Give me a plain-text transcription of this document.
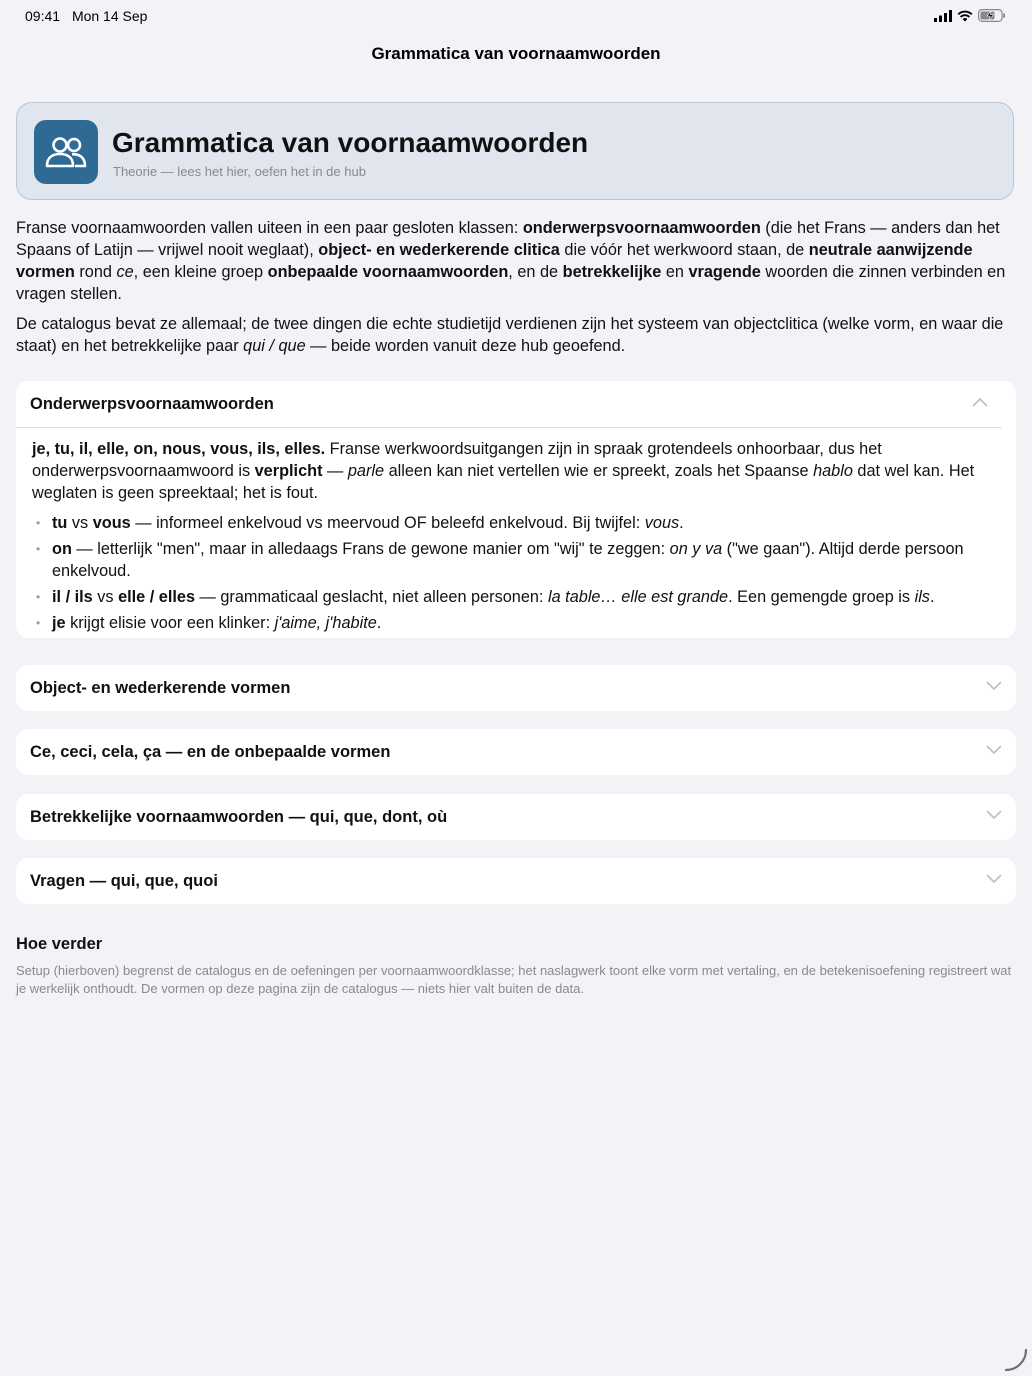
09:41 Mon 14 Sep
Grammatica van voornaamwoorden
Grammatica van voornaamwoorden
Theorie — lees het hier, oefen het in de hub

Franse voornaamwoorden vallen uiteen in een paar gesloten klassen: onderwerpsvoornaamwoorden (die het Frans — anders dan het Spaans of Latijn — vrijwel nooit weglaat), object- en wederkerende clitica die vóór het werkwoord staan, de neutrale aanwijzende vormen rond ce, een kleine groep onbepaalde voornaamwoorden, en de betrekkelijke en vragende woorden die zinnen verbinden en vragen stellen.

De catalogus bevat ze allemaal; de twee dingen die echte studietijd verdienen zijn het systeem van objectclitica (welke vorm, en waar die staat) en het betrekkelijke paar qui / que — beide worden vanuit deze hub geoefend.

Onderwerpsvoornaamwoorden

je, tu, il, elle, on, nous, vous, ils, elles. Franse werkwoordsuitgangen zijn in spraak grotendeels onhoorbaar, dus het onderwerpsvoornaamwoord is verplicht — parle alleen kan niet vertellen wie er spreekt, zoals het Spaanse hablo dat wel kan. Het weglaten is geen spreektaal; het is fout.

• tu vs vous — informeel enkelvoud vs meervoud OF beleefd enkelvoud. Bij twijfel: vous.
• on — letterlijk "men", maar in alledaags Frans de gewone manier om "wij" te zeggen: on y va ("we gaan"). Altijd derde persoon enkelvoud.
• il / ils vs elle / elles — grammaticaal geslacht, niet alleen personen: la table… elle est grande. Een gemengde groep is ils.
• je krijgt elisie voor een klinker: j'aime, j'habite.
Object- en wederkerende vormen
Ce, ceci, cela, ça — en de onbepaalde vormen
Betrekkelijke voornaamwoorden — qui, que, dont, où
Vragen — qui, que, quoi
Hoe verder
Setup (hierboven) begrenst de catalogus en de oefeningen per voornaamwoordklasse; het naslagwerk toont elke vorm met vertaling, en de betekenisoefening registreert wat je werkelijk onthoudt. De vormen op deze pagina zijn de catalogus — niets hier valt buiten de data.
